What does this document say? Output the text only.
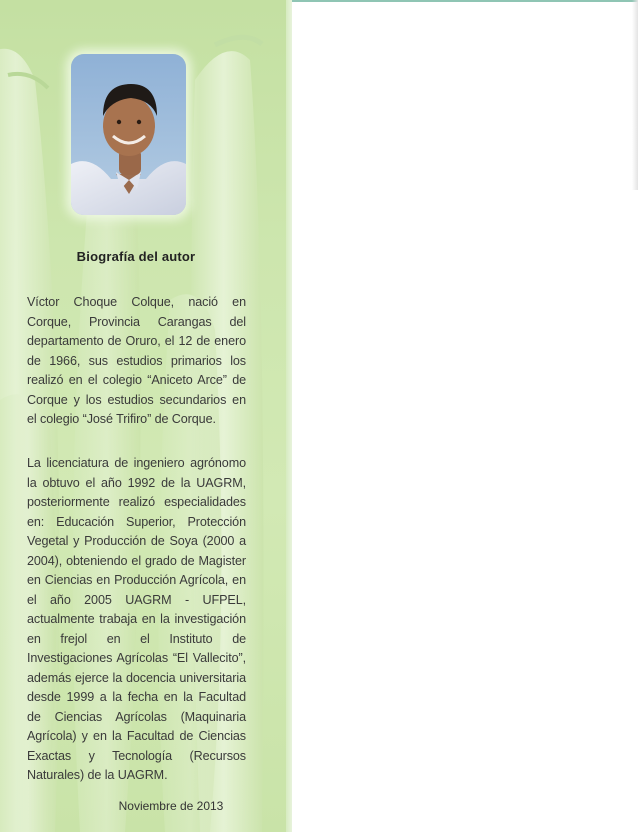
Biografía del autor

Víctor Choque Colque, nació en Corque, Provincia Carangas del departamento de Oruro, el 12 de enero de 1966, sus estudios primarios los realizó en el colegio “Aniceto Arce” de Corque y los estudios secundarios en el colegio “José Trifiro” de Corque.

La licenciatura de ingeniero agrónomo la obtuvo el año 1992 de la UAGRM, posteriormente realizó especialidades en: Educación Superior, Protección Vegetal y Producción de Soya (2000 a 2004), obteniendo el grado de Magister en Ciencias en Producción Agrícola, en el año 2005 UAGRM - UFPEL, actualmente trabaja en la investigación en frejol en el Instituto de Investigaciones Agrícolas “El Vallecito”, además ejerce la docencia universitaria desde 1999 a la fecha en la Facultad de Ciencias Agrícolas (Maquinaria Agrícola) y en la Facultad de Ciencias Exactas y Tecnología (Recursos Naturales) de la UAGRM.

Noviembre de 2013
